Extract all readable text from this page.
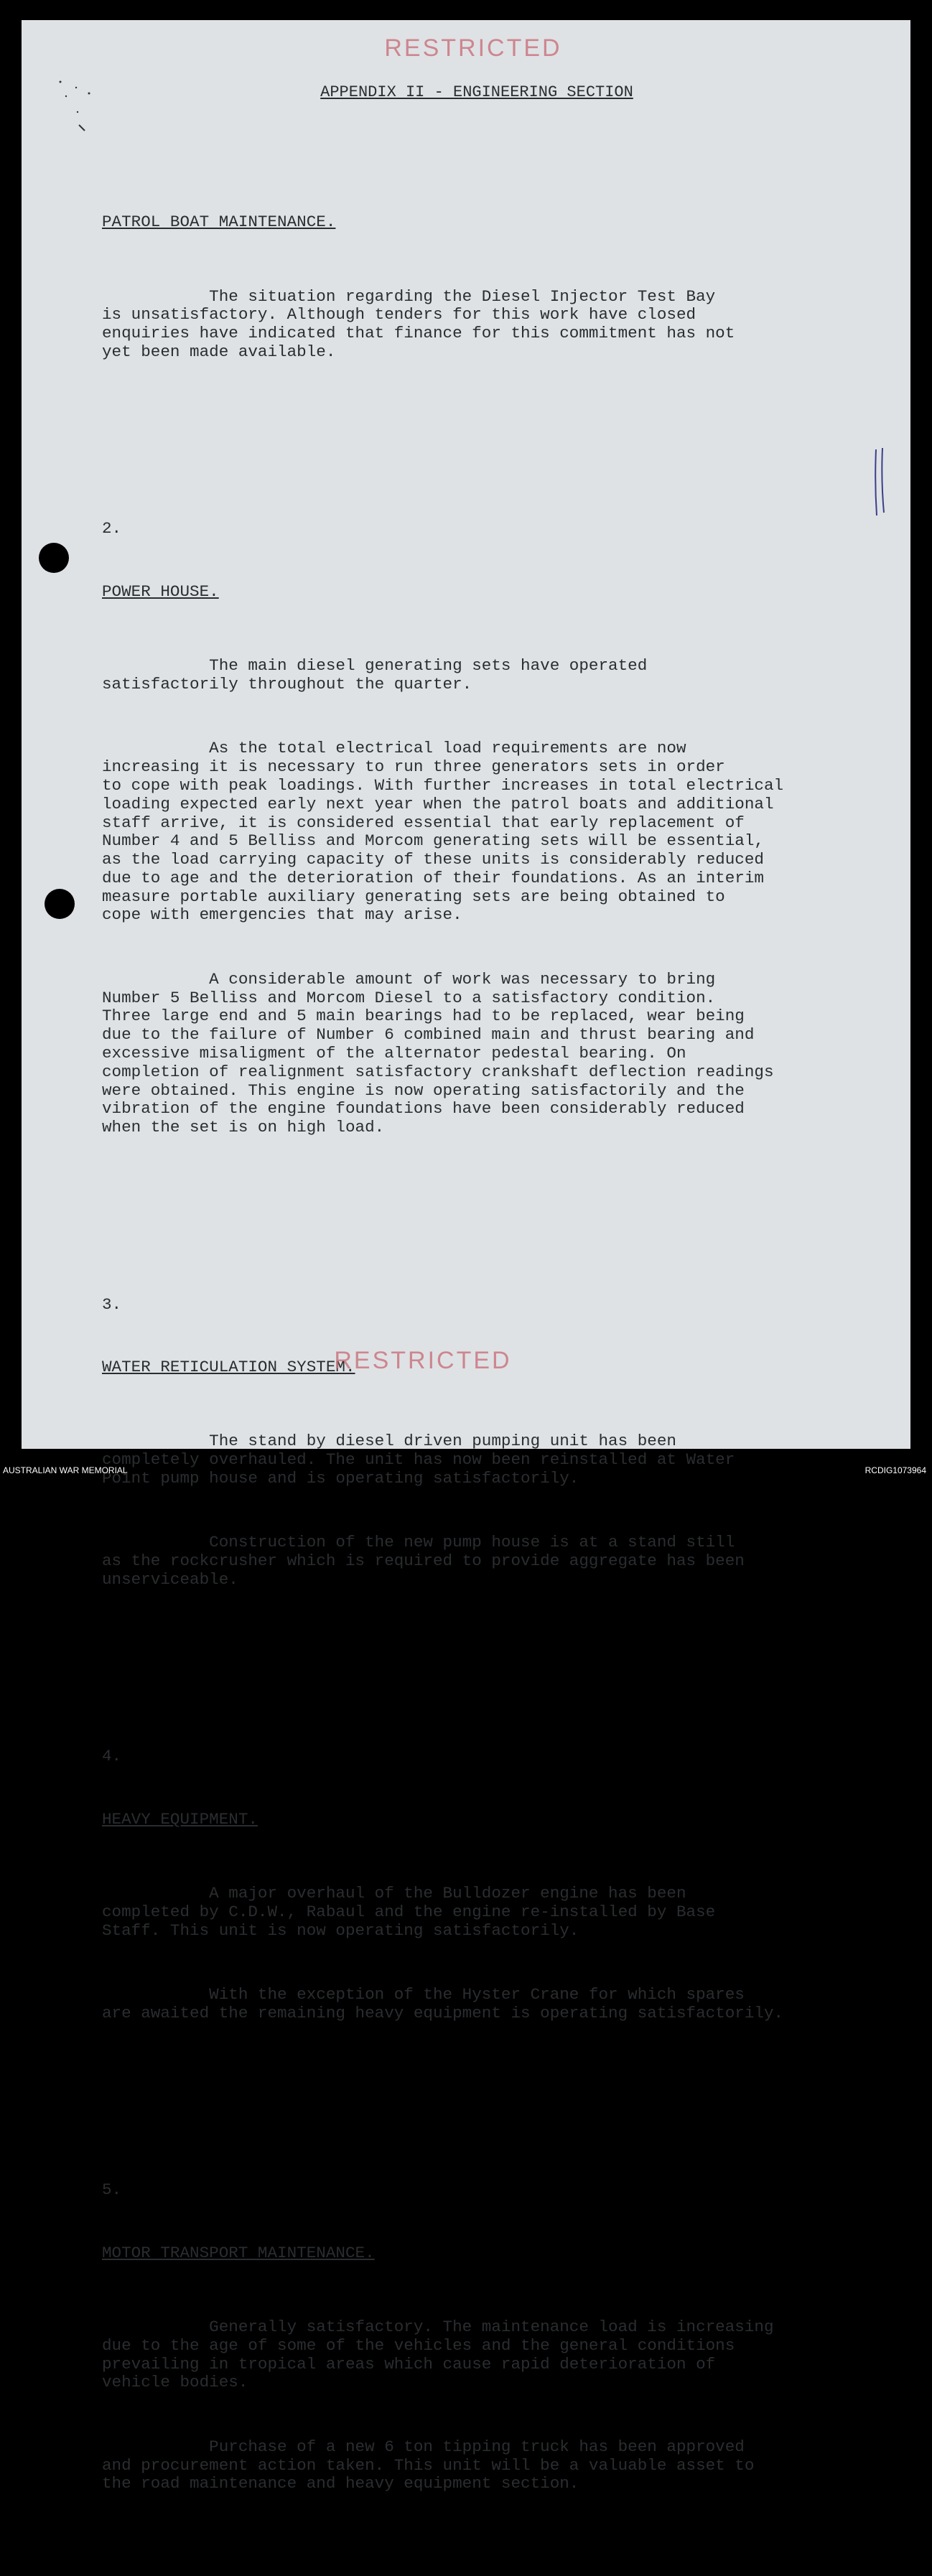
RESTRICTED
APPENDIX II - ENGINEERING SECTION

PATROL BOAT MAINTENANCE.

The situation regarding the Diesel Injector Test Bay
is unsatisfactory. Although tenders for this work have closed
enquiries have indicated that finance for this commitment has not
yet been made available.

2.

POWER HOUSE.

The main diesel generating sets have operated
satisfactorily throughout the quarter.

As the total electrical load requirements are now
increasing it is necessary to run three generators sets in order
to cope with peak loadings. With further increases in total electrical
loading expected early next year when the patrol boats and additional
staff arrive, it is considered essential that early replacement of
Number 4 and 5 Belliss and Morcom generating sets will be essential,
as the load carrying capacity of these units is considerably reduced
due to age and the deterioration of their foundations. As an interim
measure portable auxiliary generating sets are being obtained to
cope with emergencies that may arise.

A considerable amount of work was necessary to bring
Number 5 Belliss and Morcom Diesel to a satisfactory condition.
Three large end and 5 main bearings had to be replaced, wear being
due to the failure of Number 6 combined main and thrust bearing and
excessive misaligment of the alternator pedestal bearing. On
completion of realignment satisfactory crankshaft deflection readings
were obtained. This engine is now operating satisfactorily and the
vibration of the engine foundations have been considerably reduced
when the set is on high load.

3.

WATER RETICULATION SYSTEM.

The stand by diesel driven pumping unit has been
completely overhauled. The unit has now been reinstalled at Water
Point pump house and is operating satisfactorily.

Construction of the new pump house is at a stand still
as the rockcrusher which is required to provide aggregate has been
unserviceable.

4.

HEAVY EQUIPMENT.

A major overhaul of the Bulldozer engine has been
completed by C.D.W., Rabaul and the engine re-installed by Base
Staff. This unit is now operating satisfactorily.

With the exception of the Hyster Crane for which spares
are awaited the remaining heavy equipment is operating satisfactorily.

5.

MOTOR TRANSPORT MAINTENANCE.

Generally satisfactory. The maintenance load is increasing
due to the age of some of the vehicles and the general conditions
prevailing in tropical areas which cause rapid deterioration of
vehicle bodies.

Purchase of a new 6 ton tipping truck has been approved
and procurement action taken. This unit will be a valuable asset to
the road maintenance and heavy equipment section.

RESTRICTED
AUSTRALIAN WAR MEMORIAL	RCDIG1073964
